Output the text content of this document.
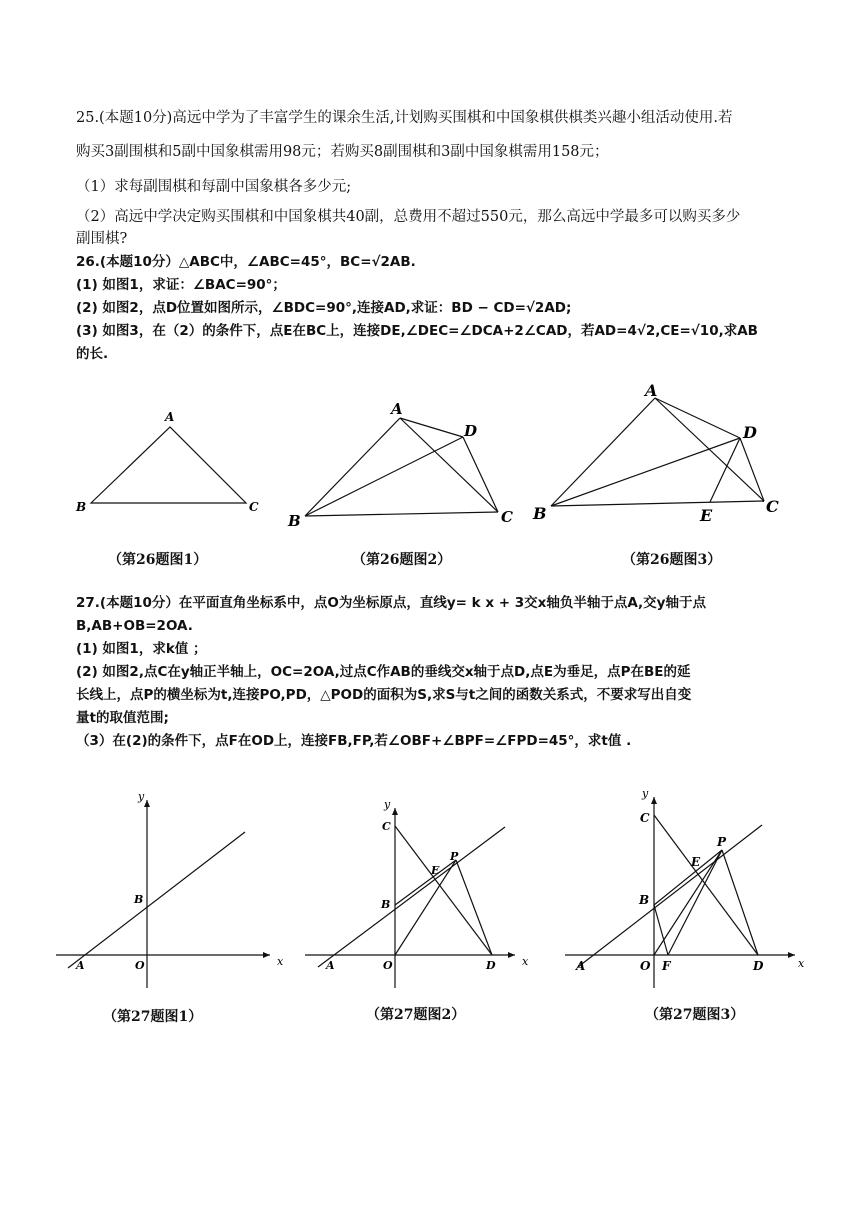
25.(本题10分)高远中学为了丰富学生的课余生活,计划购买围棋和中国象棋供棋类兴趣小组活动使用.若
购买3副围棋和5副中国象棋需用98元；若购买8副围棋和3副中国象棋需用158元；
（1）求每副围棋和每副中国象棋各多少元;
（2）高远中学决定购买围棋和中国象棋共40副，总费用不超过550元，那么高远中学最多可以购买多少
副围棋?
26.(本题10分）△ABC中，∠ABC=45°，BC=√2AB.
(1) 如图1，求证：∠BAC=90°；
(2) 如图2，点D位置如图所示，∠BDC=90°,连接AD,求证：BD − CD=√2AD;
(3) 如图3，在（2）的条件下，点E在BC上，连接DE,∠DEC=∠DCA+2∠CAD，若AD=4√2,CE=√10,求AB
的长.
B
A
C
B
A
D
C B
A
D
E	C
y
x
A
B
O
y
x
C
B
E
P
A	O	D
y
x
C
B
E
P
A	O F	D
（第26题图1）	（第26题图2）	（第26题图3）
27.(本题10分）在平面直角坐标系中，点O为坐标原点，直线y= k x + 3交x轴负半轴于点A,交y轴于点
B,AB+OB=2OA.
(1) 如图1，求k值 ；
(2) 如图2,点C在y轴正半轴上，OC=2OA,过点C作AB的垂线交x轴于点D,点E为垂足，点P在BE的延
长线上，点P的横坐标为t,连接PO,PD，△POD的面积为S,求S与t之间的函数关系式，不要求写出自变
量t的取值范围;
（3）在(2)的条件下，点F在OD上，连接FB,FP,若∠OBF+∠BPF=∠FPD=45°，求t值 .
（第27题图1）	（第27题图2）	（第27题图3）
